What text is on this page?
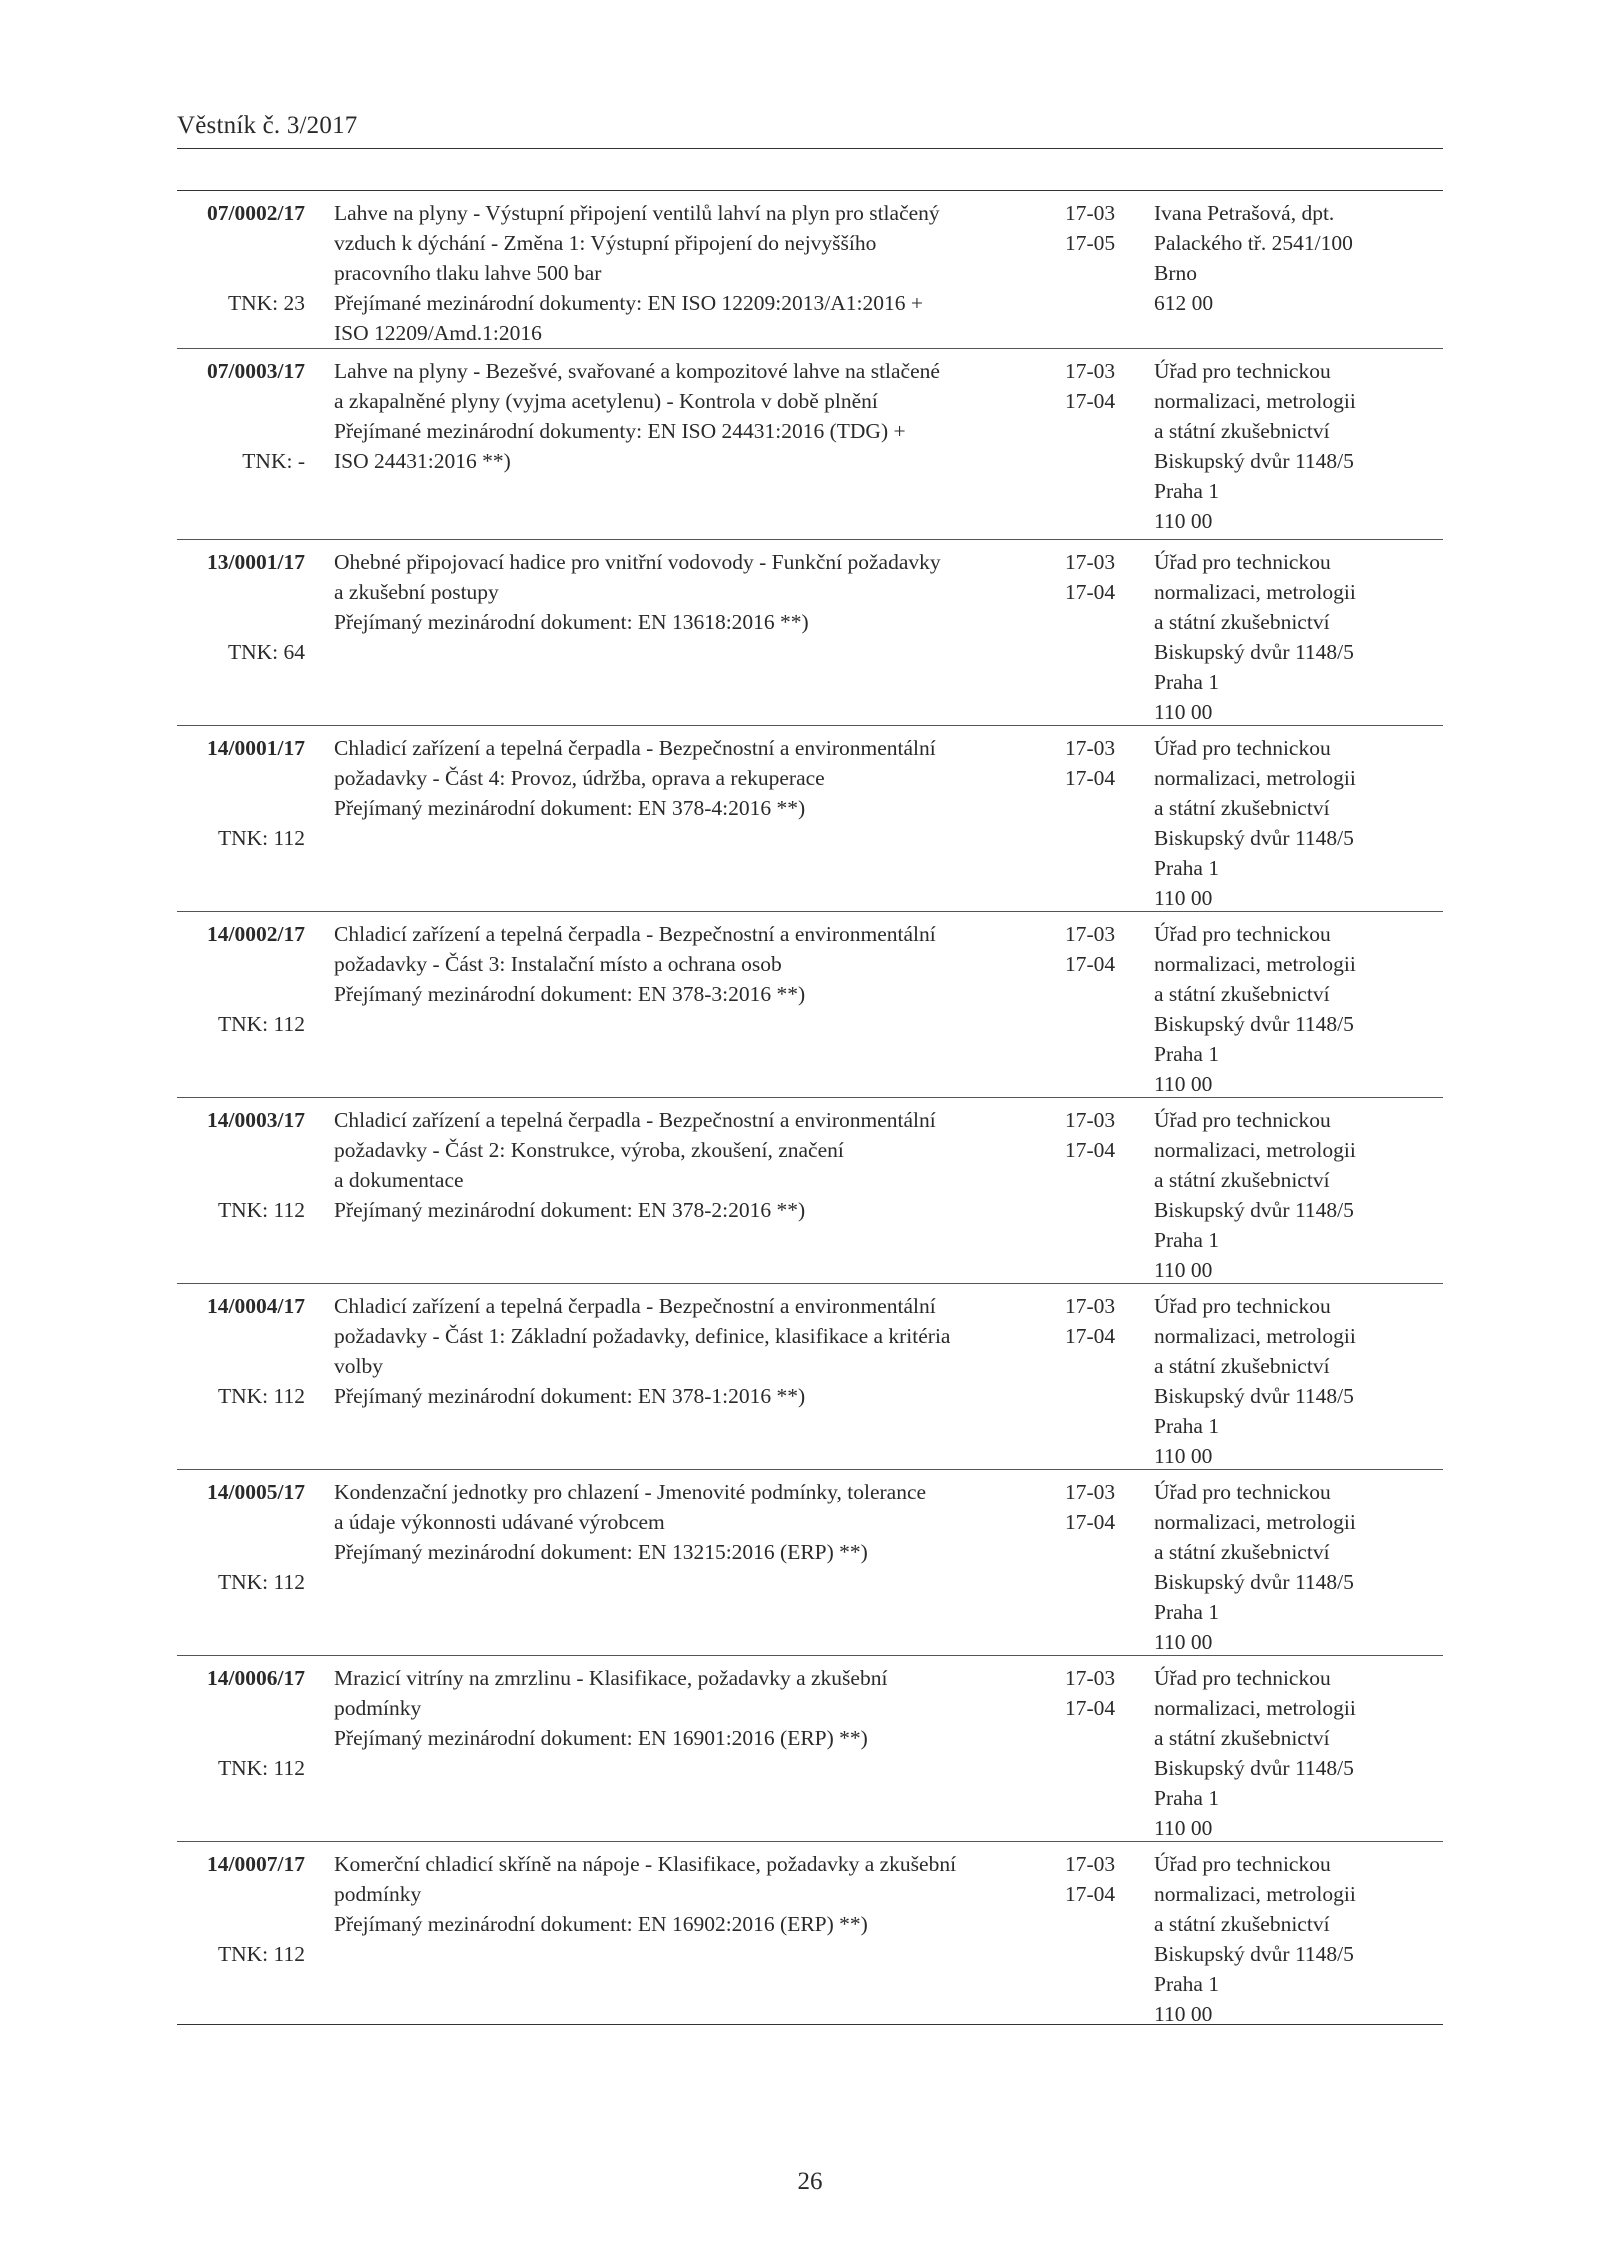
Věstník č. 3/2017
07/0002/17
TNK: 23
Lahve na plyny - Výstupní připojení ventilů lahví na plyn pro stlačený
vzduch k dýchání - Změna 1: Výstupní připojení do nejvyššího
pracovního tlaku lahve 500 bar
Přejímané mezinárodní dokumenty: EN ISO 12209:2013/A1:2016 +
ISO 12209/Amd.1:2016
17-03
17-05
Ivana Petrašová, dpt.
Palackého tř. 2541/100
Brno
612 00
07/0003/17
TNK: -
Lahve na plyny - Bezešvé, svařované a kompozitové lahve na stlačené
a zkapalněné plyny (vyjma acetylenu) - Kontrola v době plnění
Přejímané mezinárodní dokumenty: EN ISO 24431:2016 (TDG) +
ISO 24431:2016 **)
17-03
17-04
Úřad pro technickou
normalizaci, metrologii
a státní zkušebnictví
Biskupský dvůr 1148/5
Praha 1
110 00
13/0001/17
TNK: 64
Ohebné připojovací hadice pro vnitřní vodovody - Funkční požadavky
a zkušební postupy
Přejímaný mezinárodní dokument: EN 13618:2016 **)
17-03
17-04
Úřad pro technickou
normalizaci, metrologii
a státní zkušebnictví
Biskupský dvůr 1148/5
Praha 1
110 00
14/0001/17
TNK: 112
Chladicí zařízení a tepelná čerpadla - Bezpečnostní a environmentální
požadavky - Část 4: Provoz, údržba, oprava a rekuperace
Přejímaný mezinárodní dokument: EN 378-4:2016 **)
17-03
17-04
Úřad pro technickou
normalizaci, metrologii
a státní zkušebnictví
Biskupský dvůr 1148/5
Praha 1
110 00
14/0002/17
TNK: 112
Chladicí zařízení a tepelná čerpadla - Bezpečnostní a environmentální
požadavky - Část 3: Instalační místo a ochrana osob
Přejímaný mezinárodní dokument: EN 378-3:2016 **)
17-03
17-04
Úřad pro technickou
normalizaci, metrologii
a státní zkušebnictví
Biskupský dvůr 1148/5
Praha 1
110 00
14/0003/17
TNK: 112
Chladicí zařízení a tepelná čerpadla - Bezpečnostní a environmentální
požadavky - Část 2: Konstrukce, výroba, zkoušení, značení
a dokumentace
Přejímaný mezinárodní dokument: EN 378-2:2016 **)
17-03
17-04
Úřad pro technickou
normalizaci, metrologii
a státní zkušebnictví
Biskupský dvůr 1148/5
Praha 1
110 00
14/0004/17
TNK: 112
Chladicí zařízení a tepelná čerpadla - Bezpečnostní a environmentální
požadavky - Část 1: Základní požadavky, definice, klasifikace a kritéria
volby
Přejímaný mezinárodní dokument: EN 378-1:2016 **)
17-03
17-04
Úřad pro technickou
normalizaci, metrologii
a státní zkušebnictví
Biskupský dvůr 1148/5
Praha 1
110 00
14/0005/17
TNK: 112
Kondenzační jednotky pro chlazení - Jmenovité podmínky, tolerance
a údaje výkonnosti udávané výrobcem
Přejímaný mezinárodní dokument: EN 13215:2016 (ERP) **)
17-03
17-04
Úřad pro technickou
normalizaci, metrologii
a státní zkušebnictví
Biskupský dvůr 1148/5
Praha 1
110 00
14/0006/17
TNK: 112
Mrazicí vitríny na zmrzlinu - Klasifikace, požadavky a zkušební
podmínky
Přejímaný mezinárodní dokument: EN 16901:2016 (ERP) **)
17-03
17-04
Úřad pro technickou
normalizaci, metrologii
a státní zkušebnictví
Biskupský dvůr 1148/5
Praha 1
110 00
14/0007/17
TNK: 112
Komerční chladicí skříně na nápoje - Klasifikace, požadavky a zkušební
podmínky
Přejímaný mezinárodní dokument: EN 16902:2016 (ERP) **)
17-03
17-04
Úřad pro technickou
normalizaci, metrologii
a státní zkušebnictví
Biskupský dvůr 1148/5
Praha 1
110 00
26
